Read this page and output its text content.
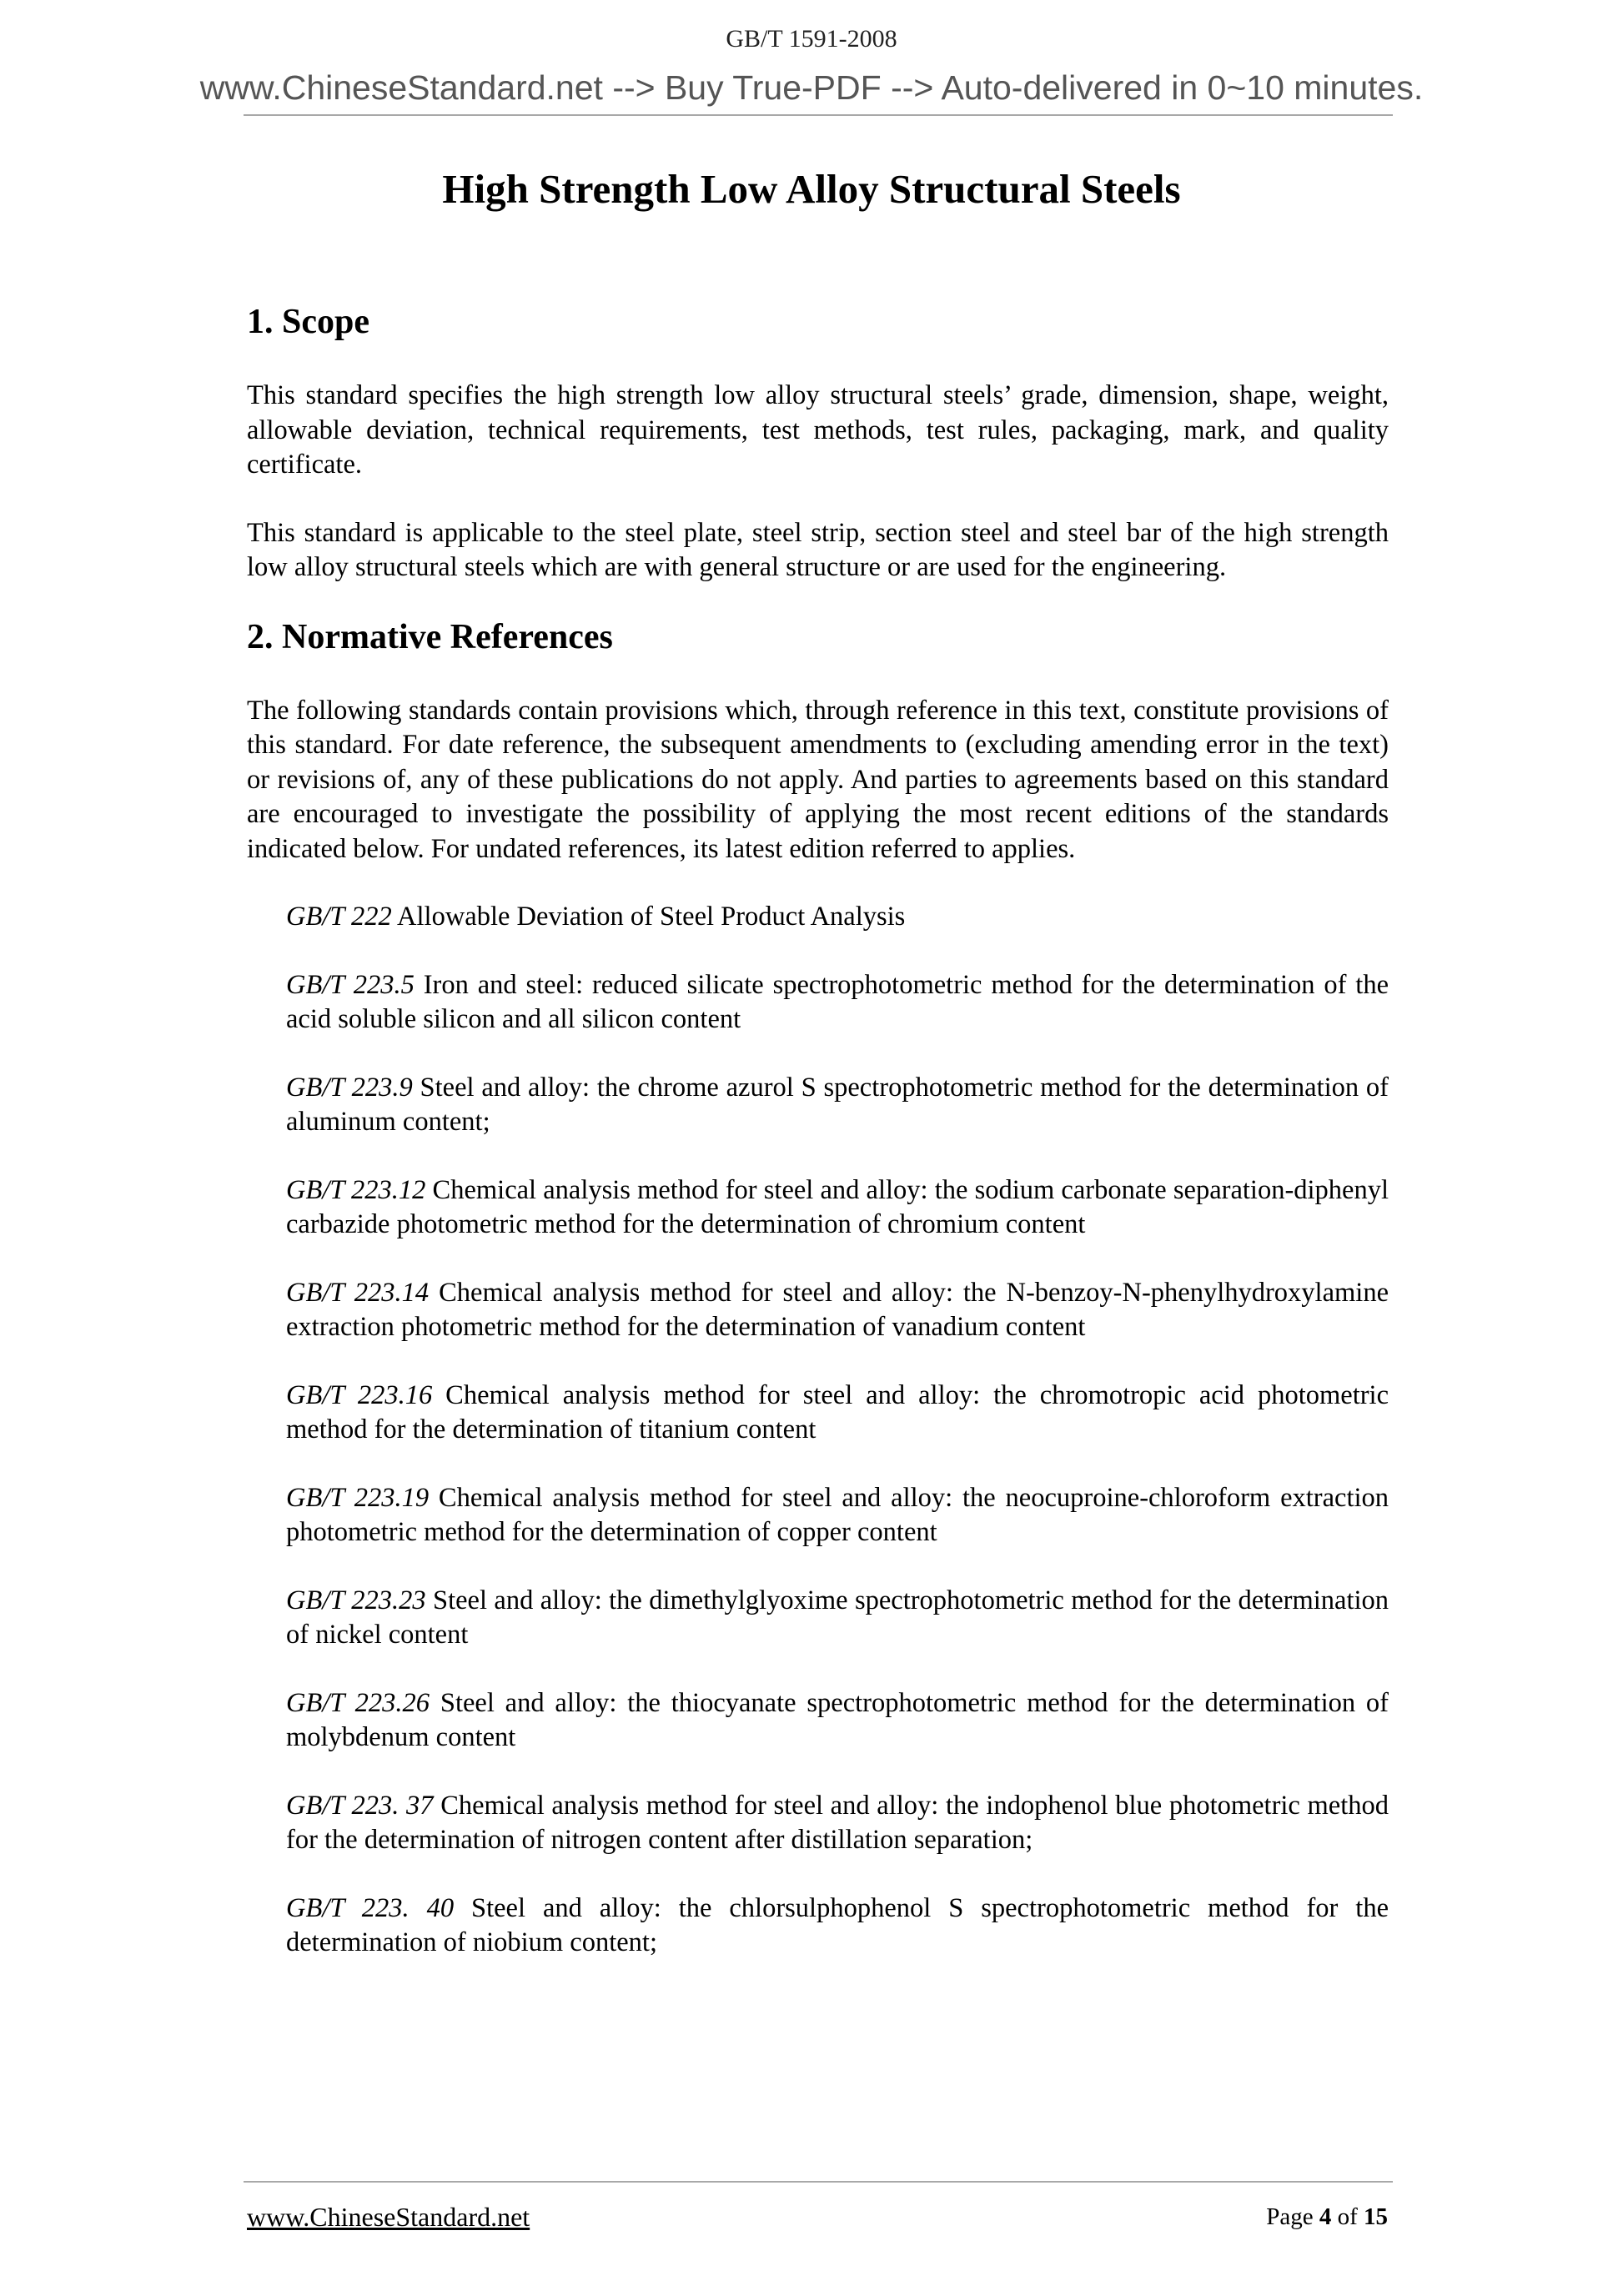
GB/T 1591-2008
www.ChineseStandard.net --> Buy True-PDF --> Auto-delivered in 0~10 minutes.
High Strength Low Alloy Structural Steels
1. Scope
This standard specifies the high strength low alloy structural steels’ grade, dimension, shape, weight, allowable deviation, technical requirements, test methods, test rules, packaging, mark, and quality certificate.
This standard is applicable to the steel plate, steel strip, section steel and steel bar of the high strength low alloy structural steels which are with general structure or are used for the engineering.
2. Normative References
The following standards contain provisions which, through reference in this text, constitute provisions of this standard. For date reference, the subsequent amendments to (excluding amending error in the text) or revisions of, any of these publications do not apply. And parties to agreements based on this standard are encouraged to investigate the possibility of applying the most recent editions of the standards indicated below. For undated references, its latest edition referred to applies.
GB/T 222 Allowable Deviation of Steel Product Analysis
GB/T 223.5 Iron and steel: reduced silicate spectrophotometric method for the determination of the acid soluble silicon and all silicon content
GB/T 223.9 Steel and alloy: the chrome azurol S spectrophotometric method for the determination of aluminum content;
GB/T 223.12 Chemical analysis method for steel and alloy: the sodium carbonate separation-diphenyl carbazide photometric method for the determination of chromium content
GB/T 223.14 Chemical analysis method for steel and alloy: the N-benzoy-N-phenylhydroxylamine extraction photometric method for the determination of vanadium content
GB/T 223.16 Chemical analysis method for steel and alloy: the chromotropic acid photometric method for the determination of titanium content
GB/T 223.19 Chemical analysis method for steel and alloy: the neocuproine-chloroform extraction photometric method for the determination of copper content
GB/T 223.23 Steel and alloy: the dimethylglyoxime spectrophotometric method for the determination of nickel content
GB/T 223.26 Steel and alloy: the thiocyanate spectrophotometric method for the determination of molybdenum content
GB/T 223. 37 Chemical analysis method for steel and alloy: the indophenol blue photometric method for the determination of nitrogen content after distillation separation;
GB/T 223. 40 Steel and alloy: the chlorsulphophenol S spectrophotometric method for the determination of niobium content;
www.ChineseStandard.net	Page 4 of 15
